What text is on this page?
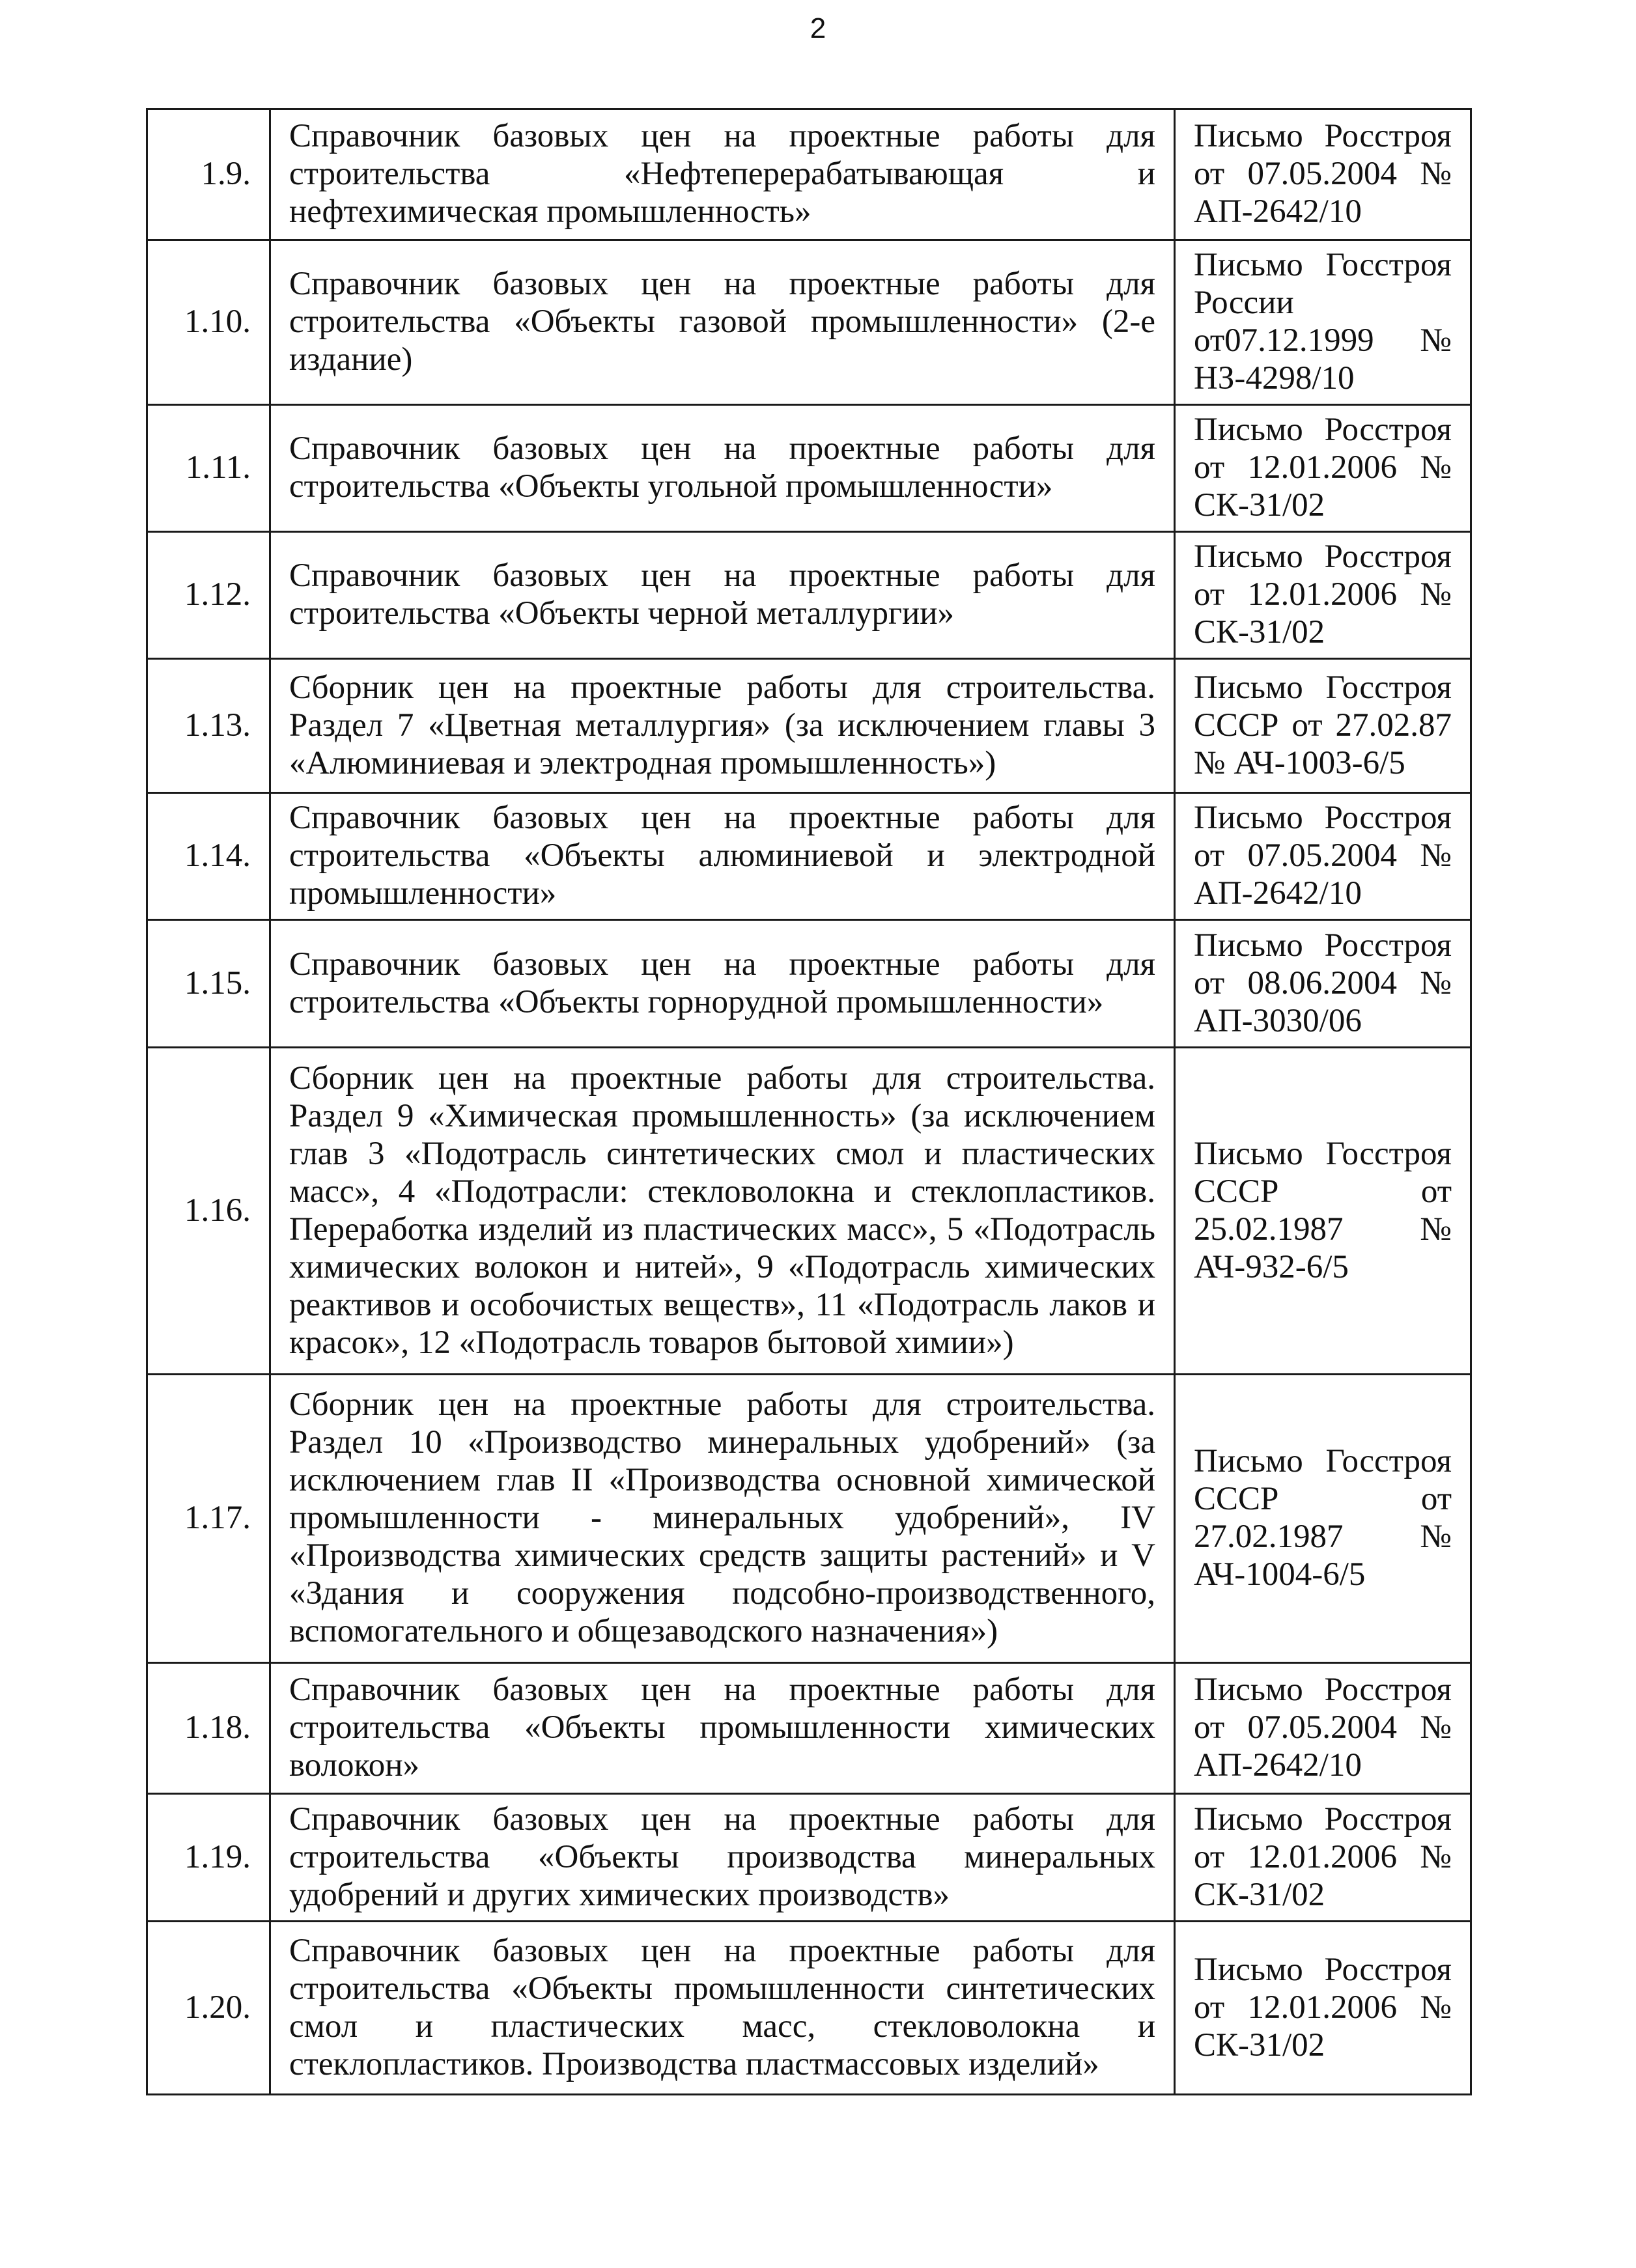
2
1.9.	Справочник базовых цен на проектные работы для строительства «Нефтеперерабатывающая и нефтехимическая промышленность»	Письмо Росстроя от 07.05.2004 № АП-2642/10
1.10.	Справочник базовых цен на проектные работы для строительства «Объекты газовой промышленности» (2-е издание)	Письмо Госстроя России от07.12.1999 № НЗ-4298/10
1.11.	Справочник базовых цен на проектные работы для строительства «Объекты угольной промышленности»	Письмо Росстроя от 12.01.2006 № СК-31/02
1.12.	Справочник базовых цен на проектные работы для строительства «Объекты черной металлургии»	Письмо Росстроя от 12.01.2006 № СК-31/02
1.13.	Сборник цен на проектные работы для строительства. Раздел 7 «Цветная металлургия» (за исключением главы 3 «Алюминиевая и электродная промышленность»)	Письмо Госстроя СССР от 27.02.87 № АЧ-1003-6/5
1.14.	Справочник базовых цен на проектные работы для строительства «Объекты алюминиевой и электродной промышленности»	Письмо Росстроя от 07.05.2004 № АП-2642/10
1.15.	Справочник базовых цен на проектные работы для строительства «Объекты горнорудной промышленности»	Письмо Росстроя от 08.06.2004 № АП-3030/06
1.16.	Сборник цен на проектные работы для строительства. Раздел 9 «Химическая промышленность» (за исключением глав 3 «Подотрасль синтетических смол и пластических масс», 4 «Подотрасли: стекловолокна и стеклопластиков. Переработка изделий из пластических масс», 5 «Подотрасль химических волокон и нитей», 9 «Подотрасль химических реактивов и особочистых веществ», 11 «Подотрасль лаков и красок», 12 «Подотрасль товаров бытовой химии»)	Письмо Госстроя СССР от 25.02.1987 № АЧ-932-6/5
1.17.	Сборник цен на проектные работы для строительства. Раздел 10 «Производство минеральных удобрений» (за исключением глав II «Производства основной химической промышленности - минеральных удобрений», IV «Производства химических средств защиты растений» и V «Здания и сооружения подсобно-производственного, вспомогательного и общезаводского назначения»)	Письмо Госстроя СССР от 27.02.1987 № АЧ-1004-6/5
1.18.	Справочник базовых цен на проектные работы для строительства «Объекты промышленности химических волокон»	Письмо Росстроя от 07.05.2004 № АП-2642/10
1.19.	Справочник базовых цен на проектные работы для строительства «Объекты производства минеральных удобрений и других химических производств»	Письмо Росстроя от 12.01.2006 № СК-31/02
1.20.	Справочник базовых цен на проектные работы для строительства «Объекты промышленности синтетических смол и пластических масс, стекловолокна и стеклопластиков. Производства пластмассовых изделий»	Письмо Росстроя от 12.01.2006 № СК-31/02
